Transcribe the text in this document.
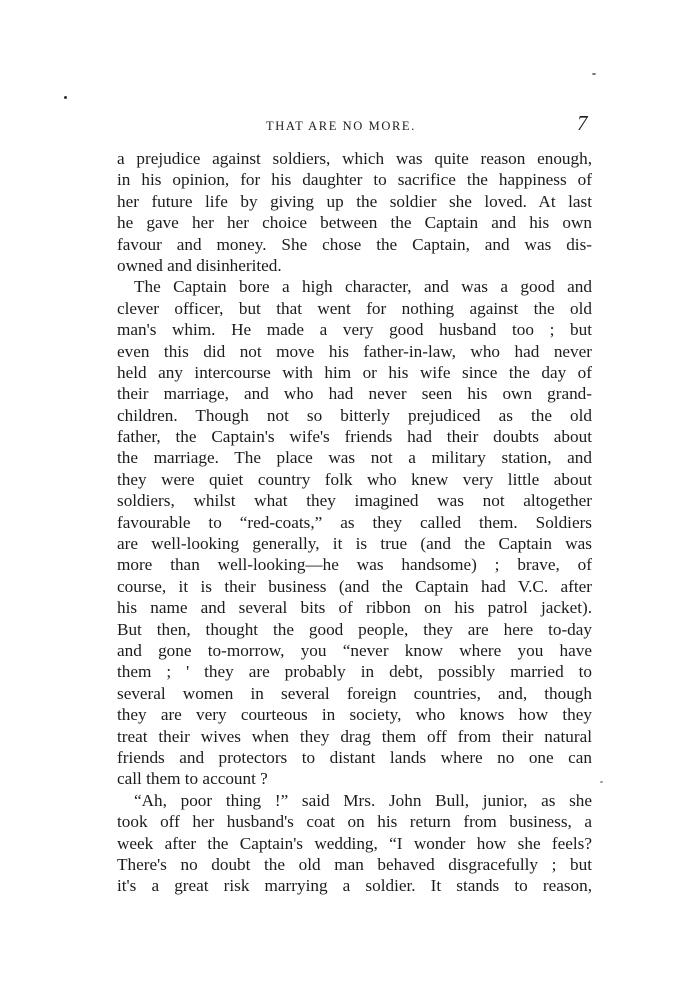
THAT ARE NO MORE.	7
a prejudice against soldiers, which was quite reason enough,
in his opinion, for his daughter to sacrifice the happiness of
her future life by giving up the soldier she loved. At last
he gave her her choice between the Captain and his own
favour and money. She chose the Captain, and was dis-
owned and disinherited.
The Captain bore a high character, and was a good and
clever officer, but that went for nothing against the old
man's whim. He made a very good husband too ; but
even this did not move his father-in-law, who had never
held any intercourse with him or his wife since the day of
their marriage, and who had never seen his own grand-
children. Though not so bitterly prejudiced as the old
father, the Captain's wife's friends had their doubts about
the marriage. The place was not a military station, and
they were quiet country folk who knew very little about
soldiers, whilst what they imagined was not altogether
favourable to “red-coats,” as they called them. Soldiers
are well-looking generally, it is true (and the Captain was
more than well-looking—he was handsome) ; brave, of
course, it is their business (and the Captain had V.C. after
his name and several bits of ribbon on his patrol jacket).
But then, thought the good people, they are here to-day
and gone to-morrow, you “never know where you have
them ; ' they are probably in debt, possibly married to
several women in several foreign countries, and, though
they are very courteous in society, who knows how they
treat their wives when they drag them off from their natural
friends and protectors to distant lands where no one can
call them to account ?
“Ah, poor thing !” said Mrs. John Bull, junior, as she
took off her husband's coat on his return from business, a
week after the Captain's wedding, “I wonder how she feels?
There's no doubt the old man behaved disgracefully ; but
it's a great risk marrying a soldier. It stands to reason,
